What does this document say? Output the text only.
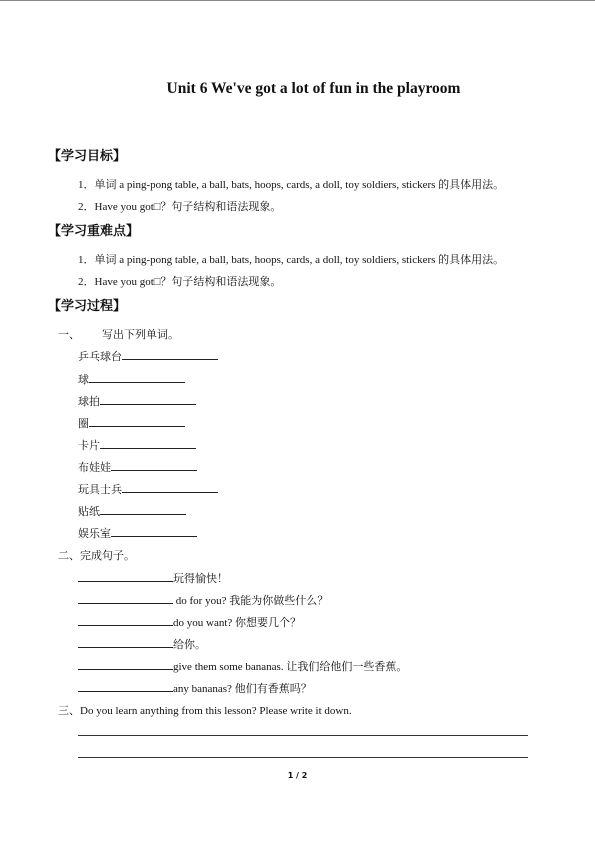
Unit 6 We've got a lot of fun in the playroom
【学习目标】
1．单词 a ping-pong table, a ball, bats, hoops, cards, a doll, toy soldiers, stickers 的具体用法。
2．Have you got□？句子结构和语法现象。
【学习重难点】
1．单词 a ping-pong table, a ball, bats, hoops, cards, a doll, toy soldiers, stickers 的具体用法。
2．Have you got□？句子结构和语法现象。
【学习过程】
一、 写出下列单词。
乒乓球台
球
球拍
圈
卡片
布娃娃
玩具士兵
贴纸
娱乐室
二、完成句子。
玩得愉快！
do for you? 我能为你做些什么？
do you want? 你想要几个？
给你。
give them some bananas. 让我们给他们一些香蕉。
any bananas? 他们有香蕉吗？
三、Do you learn anything from this lesson? Please write it down.
1 / 2
